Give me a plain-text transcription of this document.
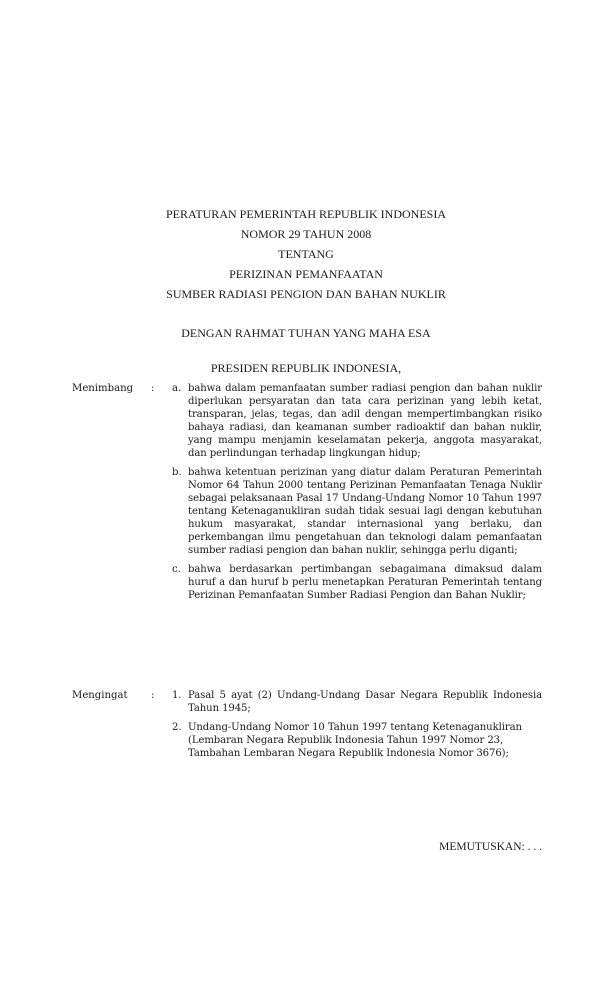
PERATURAN PEMERINTAH REPUBLIK INDONESIA
NOMOR 29 TAHUN 2008
TENTANG
PERIZINAN PEMANFAATAN
SUMBER RADIASI PENGION DAN BAHAN NUKLIR
DENGAN RAHMAT TUHAN YANG MAHA ESA
PRESIDEN REPUBLIK INDONESIA,
Menimbang : a. bahwa dalam pemanfaatan sumber radiasi pengion dan bahan nuklir diperlukan persyaratan dan tata cara perizinan yang lebih ketat, transparan, jelas, tegas, dan adil dengan mempertimbangkan risiko bahaya radiasi, dan keamanan sumber radioaktif dan bahan nuklir, yang mampu menjamin keselamatan pekerja, anggota masyarakat, dan perlindungan terhadap lingkungan hidup;
b. bahwa ketentuan perizinan yang diatur dalam Peraturan Pemerintah Nomor 64 Tahun 2000 tentang Perizinan Pemanfaatan Tenaga Nuklir sebagai pelaksanaan Pasal 17 Undang-Undang Nomor 10 Tahun 1997 tentang Ketenaganukliran sudah tidak sesuai lagi dengan kebutuhan hukum masyarakat, standar internasional yang berlaku, dan perkembangan ilmu pengetahuan dan teknologi dalam pemanfaatan sumber radiasi pengion dan bahan nuklir, sehingga perlu diganti;
c. bahwa berdasarkan pertimbangan sebagaimana dimaksud dalam huruf a dan huruf b perlu menetapkan Peraturan Pemerintah tentang Perizinan Pemanfaatan Sumber Radiasi Pengion dan Bahan Nuklir;
Mengingat : 1. Pasal 5 ayat (2) Undang-Undang Dasar Negara Republik Indonesia Tahun 1945;
2. Undang-Undang Nomor 10 Tahun 1997 tentang Ketenaganukliran (Lembaran Negara Republik Indonesia Tahun 1997 Nomor 23, Tambahan Lembaran Negara Republik Indonesia Nomor 3676);
MEMUTUSKAN: . . .
